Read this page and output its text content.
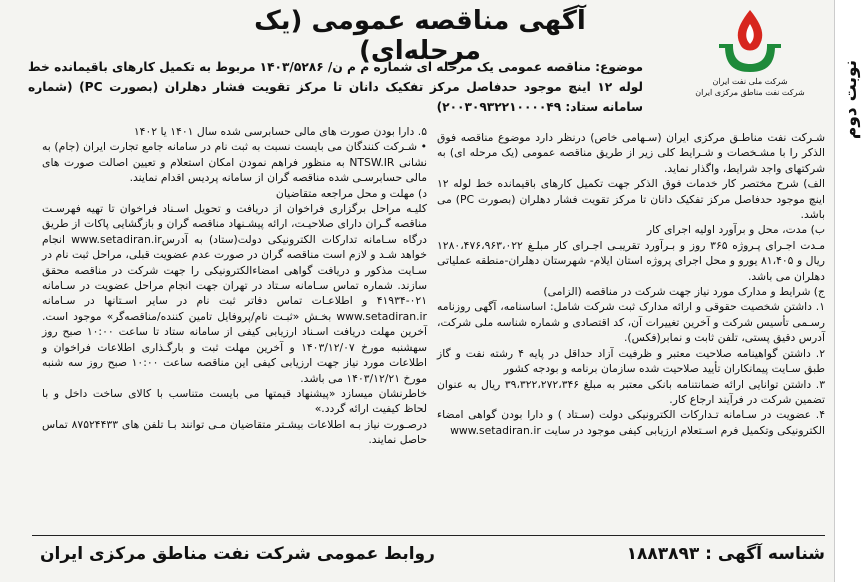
نوبت دوم
شرکت ملی نفت ایران
شرکت نفت مناطق مرکزی ایران
آگهی مناقصه عمومی (یک مرحله‌ای)
موضوع: مناقصه عمومی یک مرحله ای شماره م م ن/ ۱۴۰۳/۵۲۸۶ مربوط به تکمیل کارهای باقیمانده خط لوله ۱۲ اینچ موجود حدفاصل مرکز تفکیک دانان تا مرکز تقویت فشار دهلران (بصورت PC) (شماره سامانه ستاد: ۲۰۰۳۰۹۳۲۲۱۰۰۰۰۴۹)

شـرکت نفت مناطـق مرکزی ایران (سـهامی خاص) درنظر دارد موضوع مناقصه فوق الذکر را با مشـخصات و شـرایط کلی زیر از طریق مناقصه عمومی (یک مرحله ای) به شرکتهای واجد شرایط، واگذار نماید.

الف) شرح مختصر کار خدمات فوق الذکر جهت تکمیل کارهای باقیمانده خط لوله ۱۲ اینچ موجود حدفاصل مرکز تفکیک دانان تا مرکز تقویت فشار دهلران (بصورت PC) می باشد.

ب) مدت، محل و برآورد اولیه اجرای کار

مـدت اجـرای پـروژه ۳۶۵ روز و بـرآورد تقریبـی اجـرای کار مبلـغ ۱۲۸۰،۴۷۶،۹۶۳،۰۲۲ ریال و ۸۱،۴۰۵ یورو و محل اجرای پروژه استان ایلام- شهرستان دهلران-منطقه عملیاتی دهلران می باشد.

ج) شرایط و مدارک مورد نیاز جهت شرکت در مناقصه (الزامی)

۱. داشتن شخصیت حقوقی و ارائه مدارک ثبت شرکت شامل: اساسنامه، آگهی روزنامه رسـمی تأسیس شرکت و آخرین تغییرات آن، کد اقتصادی و شماره شناسه ملی شرکت، آدرس دقیق پستی، تلفن ثابت و نمابر(فکس).

۲. داشتن گواهینامه صلاحیت معتبر و ظرفیت آزاد حداقل در پایه ۴ رشته نفت و گاز طبق سـایت پیمانکاران تأیید صلاحیت شده سازمان برنامه و بودجه کشور

۳. داشتن توانایی ارائه ضمانتنامه بانکی معتبر به مبلغ ۳۹،۳۲۲،۲۷۲،۳۴۶ ریال به عنوان تضمین شرکت در فرآیند ارجاع کار.

۴. عضویت در سـامانه تـدارکات الکترونیکی دولت (سـتاد ) و دارا بودن گواهی امضاء الکترونیکی وتکمیل فرم اسـتعلام ارزیابی کیفی موجود در سایت www.setadiran.ir

۵. دارا بودن صورت های مالی حسابرسی شده سال ۱۴۰۱ یا ۱۴۰۲

• شـرکت کنندگان می بایست نسبت به ثبت نام در سامانه جامع تجارت ایران (جام) به نشانی NTSW.IR به منظور فراهم نمودن امکان استعلام و تعیین اصالت صورت های مالی حسابرسـی شده مناقصه گران از سامانه پردیس اقدام نمایند.

د) مهلت و محل مراجعه متقاضیان

کلیـه مراحل برگزاری فراخوان از دریافت و تحویل اسـناد فراخوان تا تهیه فهرسـت مناقصه گـران دارای صلاحیـت، ارائه پیشـنهاد مناقصه گران و بازگشایی پاکات از طریق درگاه سـامانه تدارکات الکترونیکی دولت(ستاد) به آدرسwww.setadiran.ir انجام خواهد شـد و لازم است مناقصه گران در صورت عدم عضویت قبلی، مراحل ثبت نام در سـایت مذکور و دریافت گواهی امضاءالکترونیکی را جهت شرکت در مناقصه محقق سازند. شماره تماس سـامانه سـتاد در تهران جهت انجام مراحل عضویت در سـامانه ۰۲۱-۴۱۹۳۴ و اطلاعـات تماس دفاتر ثبت نام در سایر اسـتانها در سـامانه www.setadiran.ir بخـش «ثبـت نام/پروفایل تامین کننده/مناقصه‌گر» موجود است. آخرین مهلت دریافت اسـناد ارزیابی کیفی از سامانه ستاد تا ساعت ۱۰:۰۰ صبح روز سهشنبه مورخ ۱۴۰۳/۱۲/۰۷ و آخرین مهلت ثبت و بارگـذاری اطلاعات فراخوان و اطلاعات مورد نیاز جهت ارزیابی کیفی این مناقصه ساعت ۱۰:۰۰ صبح روز سه شنبه مورخ ۱۴۰۳/۱۲/۲۱ می باشد.

خاطرنشان میسازد «پیشنهاد قیمتها می بایست متناسب با کالای ساخت داخل و با لحاظ کیفیت ارائه گردد.»

درصـورت نیاز بـه اطلاعات بیشـتر متقاضیان مـی توانند بـا تلفن های ۸۷۵۲۴۴۳۳ تماس حاصل نمایند.

شناسه آگهی : ۱۸۸۳۸۹۳
روابط عمومی شرکت نفت مناطق مرکزی ایران
